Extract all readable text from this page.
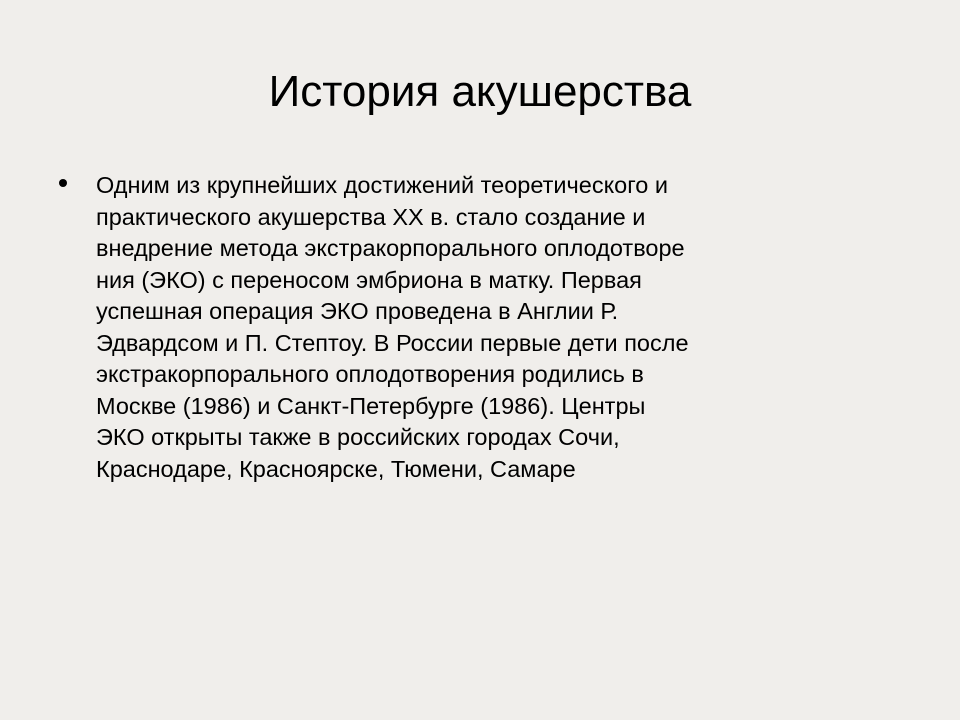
История акушерства
Одним из крупнейших достижений теоретического и
практического акушерства XX в. стало создание и
внедрение метода экстракорпорального оплодотворе
ния (ЭКО) с переносом эмбриона в матку. Первая
успешная операция ЭКО проведена в Англии Р.
Эдвардсом и П. Стептоу. В России первые дети после
экстракорпорального оплодотворения родились в
Москве (1986) и Санкт-Петербурге (1986). Центры
ЭКО открыты также в российских городах Сочи,
Краснодаре, Красноярске, Тюмени, Самаре
